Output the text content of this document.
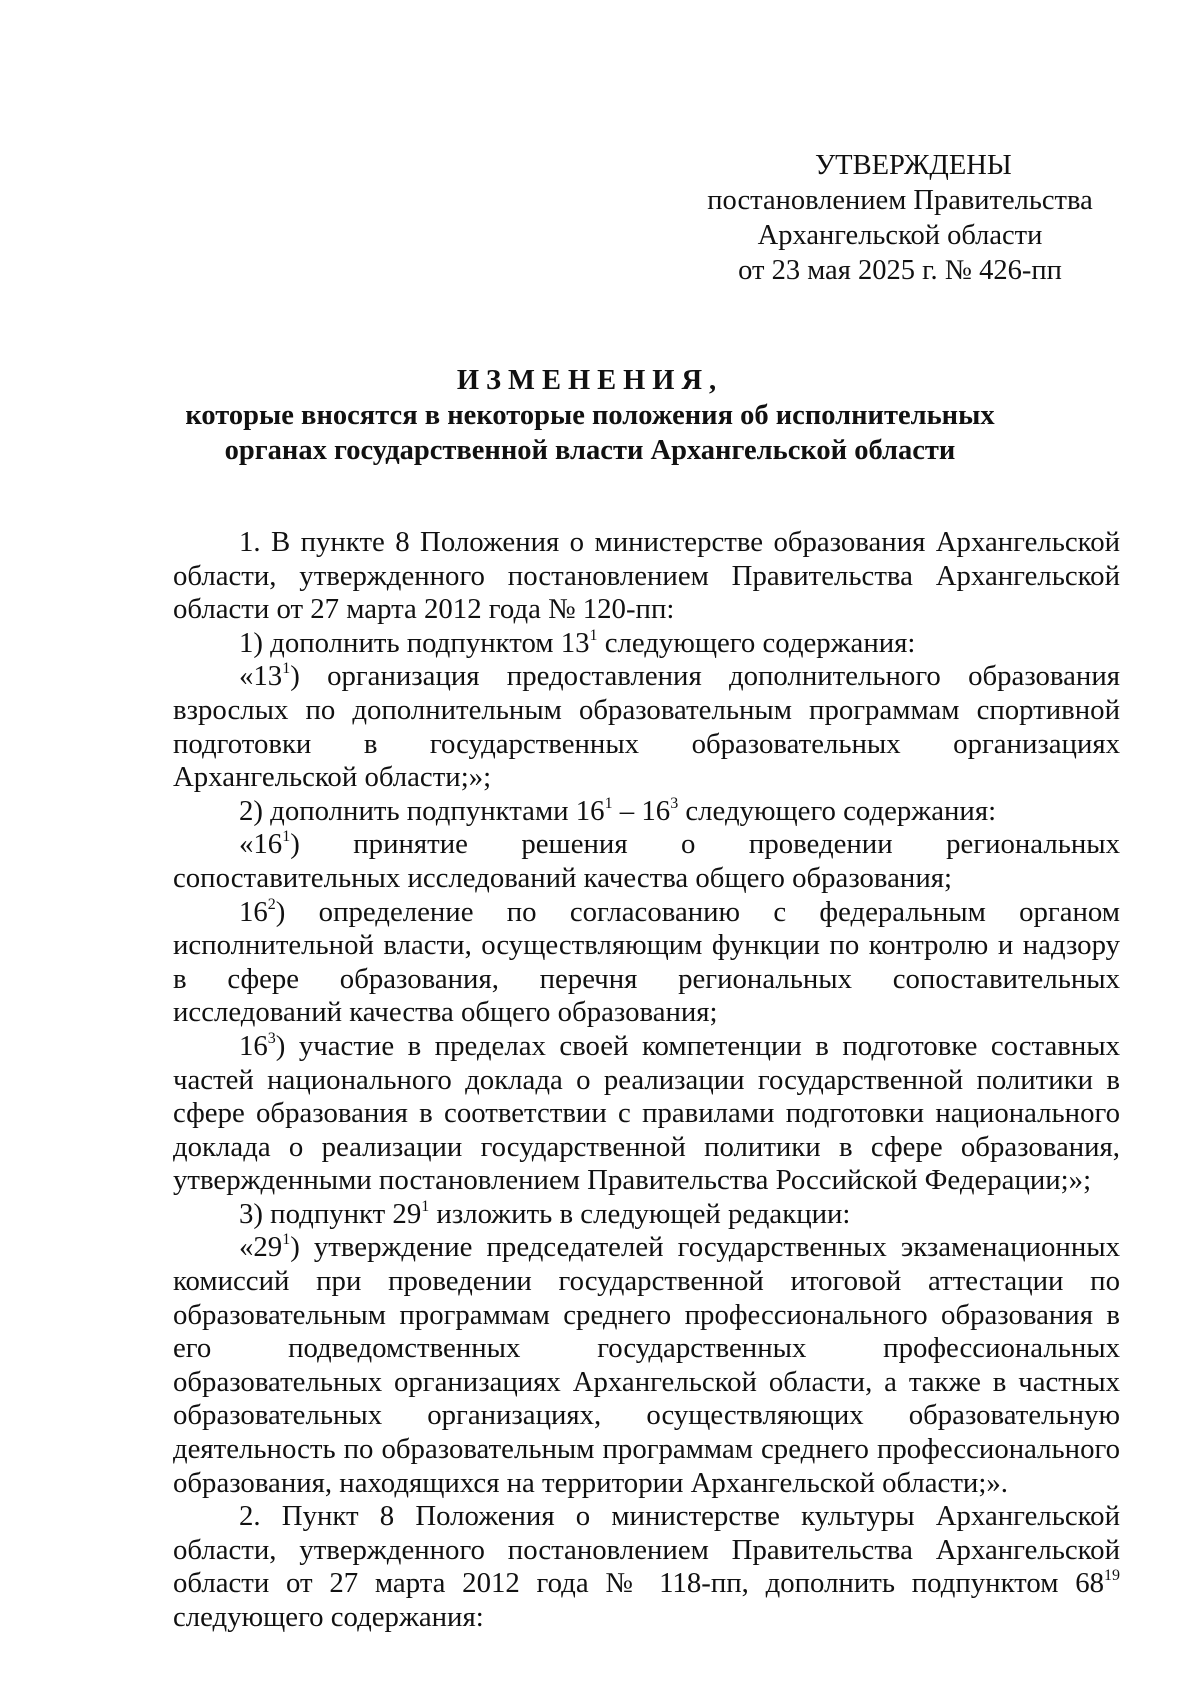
УТВЕРЖДЕНЫ
постановлением Правительства
Архангельской области
от 23 мая 2025 г. № 426-пп
ИЗМЕНЕНИЯ,
которые вносятся в некоторые положения об исполнительных
органах государственной власти Архангельской области

1. В пункте 8 Положения о министерстве образования Архангельской области, утвержденного постановлением Правительства Архангельской области от 27 марта 2012 года № 120-пп:

1) дополнить подпунктом $13^1$ следующего содержания:

«$13^1$) организация предоставления дополнительного образования взрослых по дополнительным образовательным программам спортивной подготовки в государственных образовательных организациях Архангельской области;»;

2) дополнить подпунктами $16^1 - 16^3$ следующего содержания:

«$16^1$) принятие решения о проведении региональных сопоставительных исследований качества общего образования;

$16^2$) определение по согласованию с федеральным органом исполнительной власти, осуществляющим функции по контролю и надзору в сфере образования, перечня региональных сопоставительных исследований качества общего образования;

$16^3$) участие в пределах своей компетенции в подготовке составных частей национального доклада о реализации государственной политики в сфере образования в соответствии с правилами подготовки национального доклада о реализации государственной политики в сфере образования, утвержденными постановлением Правительства Российской Федерации;»;

3) подпункт $29^1$ изложить в следующей редакции:

«$29^1$) утверждение председателей государственных экзаменационных комиссий при проведении государственной итоговой аттестации по образовательным программам среднего профессионального образования в его подведомственных государственных профессиональных образовательных организациях Архангельской области, а также в частных образовательных организациях, осуществляющих образовательную деятельность по образовательным программам среднего профессионального образования, находящихся на территории Архангельской области;».

2. Пункт 8 Положения о министерстве культуры Архангельской области, утвержденного постановлением Правительства Архангельской области от 27 марта 2012 года № 118-пп, дополнить подпунктом $68^{19}$ следующего содержания:
